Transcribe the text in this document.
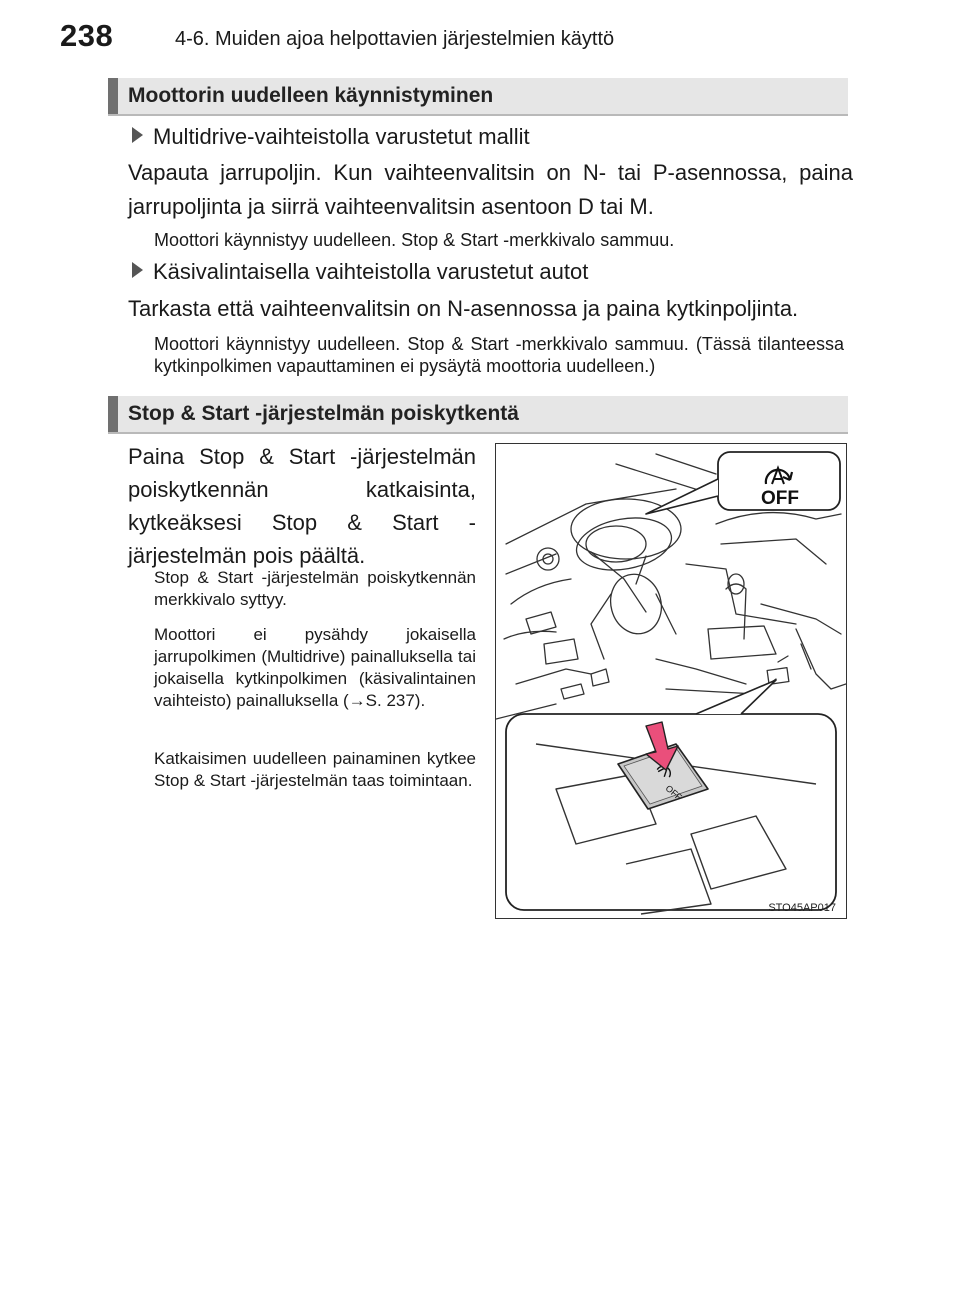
238	4-6. Muiden ajoa helpottavien järjestelmien käyttö
Moottorin uudelleen käynnistyminen
Multidrive-vaihteistolla varustetut mallit
Vapauta jarrupoljin. Kun vaihteenvalitsin on N- tai P-asennossa, paina jarrupoljinta ja siirrä vaihteenvalitsin asentoon D tai M.
Moottori käynnistyy uudelleen. Stop & Start -merkkivalo sammuu.
Käsivalintaisella vaihteistolla varustetut autot
Tarkasta että vaihteenvalitsin on N-asennossa ja paina kytkinpoljinta.
Moottori käynnistyy uudelleen. Stop & Start -merkkivalo sammuu. (Tässä tilanteessa kytkinpolkimen vapauttaminen ei pysäytä moottoria uudelleen.)
Stop & Start -järjestelmän poiskytkentä
Paina Stop & Start -järjestelmän poiskytkennän katkaisinta, kytkeäksesi Stop & Start -järjestelmän pois päältä.
Stop & Start -järjestelmän poiskytkennän merkkivalo syttyy.
Moottori ei pysähdy jokaisella jarrupolkimen (Multidrive) painalluksella tai jokaisella kytkinpolkimen (käsivalintainen vaihteisto) painalluksella (→S. 237).
Katkaisimen uudelleen painaminen kytkee Stop & Start -järjestelmän taas toimintaan.
OFF
OFF
STO45AP017
